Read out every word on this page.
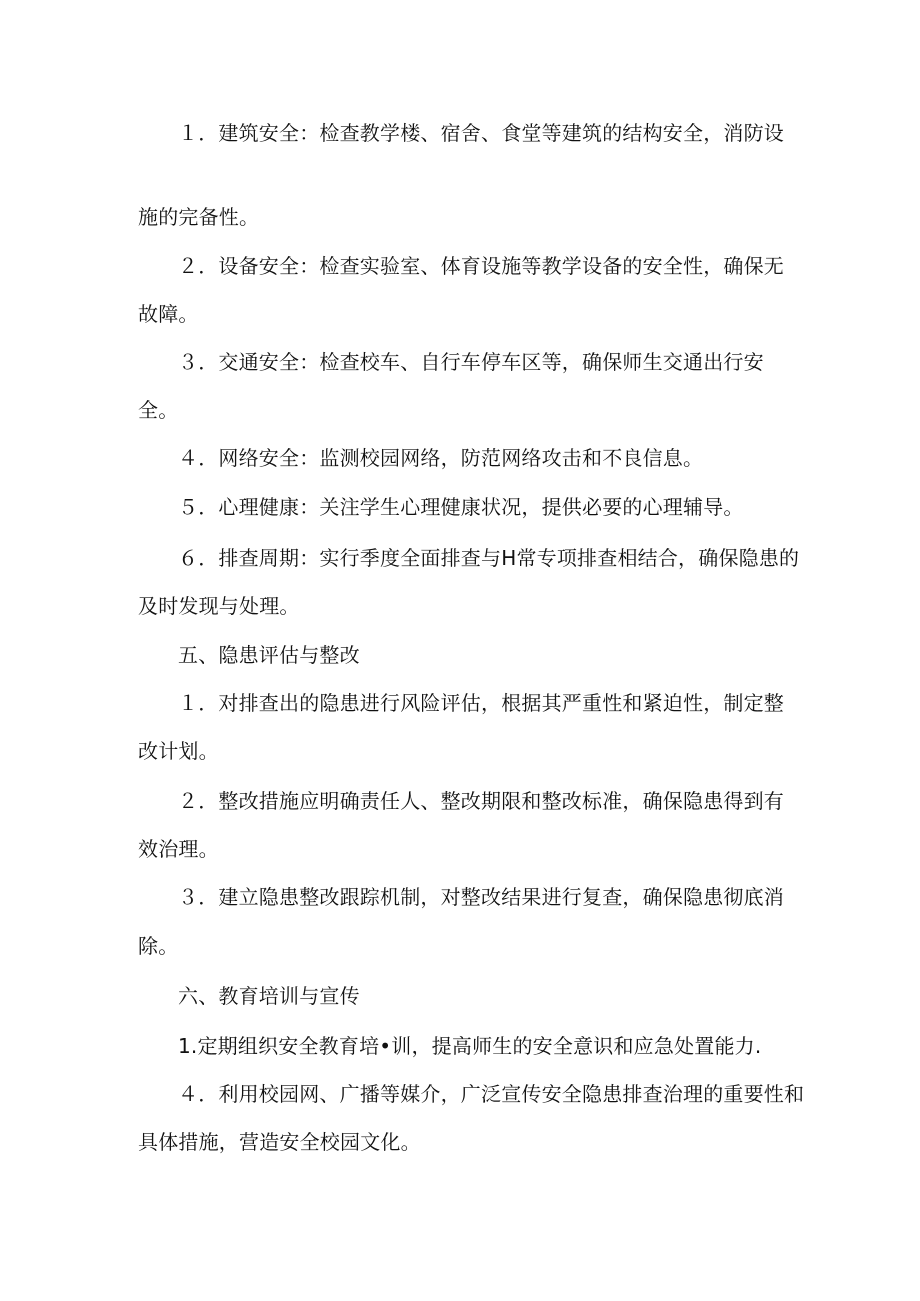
１．建筑安全：检查教学楼、宿舍、食堂等建筑的结构安全，消防设
施的完备性。
２．设备安全：检查实验室、体育设施等教学设备的安全性，确保无
故障。
３．交通安全：检查校车、自行车停车区等，确保师生交通出行安
全。
４．网络安全：监测校园网络，防范网络攻击和不良信息。
５．心理健康：关注学生心理健康状况，提供必要的心理辅导。
６．排查周期：实行季度全面排查与H常专项排查相结合，确保隐患的
及时发现与处理。
五、隐患评估与整改
１．对排查出的隐患进行风险评估，根据其严重性和紧迫性，制定整
改计划。
２．整改措施应明确责任人、整改期限和整改标准，确保隐患得到有
效治理。
３．建立隐患整改跟踪机制，对整改结果进行复查，确保隐患彻底消
除。
六、教育培训与宣传
1.定期组织安全教育培•训，提高师生的安全意识和应急处置能力.
４．利用校园网、广播等媒介，广泛宣传安全隐患排查治理的重要性和
具体措施，营造安全校园文化。
